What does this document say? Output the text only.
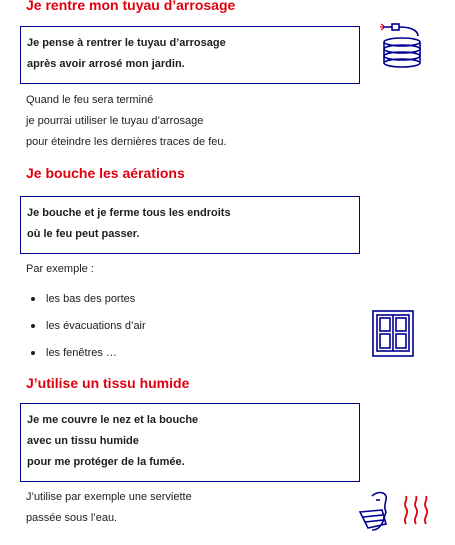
Je rentre mon tuyau d’arrosage

Je pense à rentrer le tuyau d’arrosage

après avoir arrosé mon jardin.

Quand le feu sera terminé

je pourrai utiliser le tuyau d’arrosage

pour éteindre les dernières traces de feu.

Je bouche les aérations

Je bouche et je ferme tous les endroits

où le feu peut passer.

Par exemple :

les bas des portes
les évacuations d’air
les fenêtres …
J’utilise un tissu humide

Je me couvre le nez et la bouche

avec un tissu humide

pour me protéger de la fumée.

J’utilise par exemple une serviette

passée sous l’eau.
